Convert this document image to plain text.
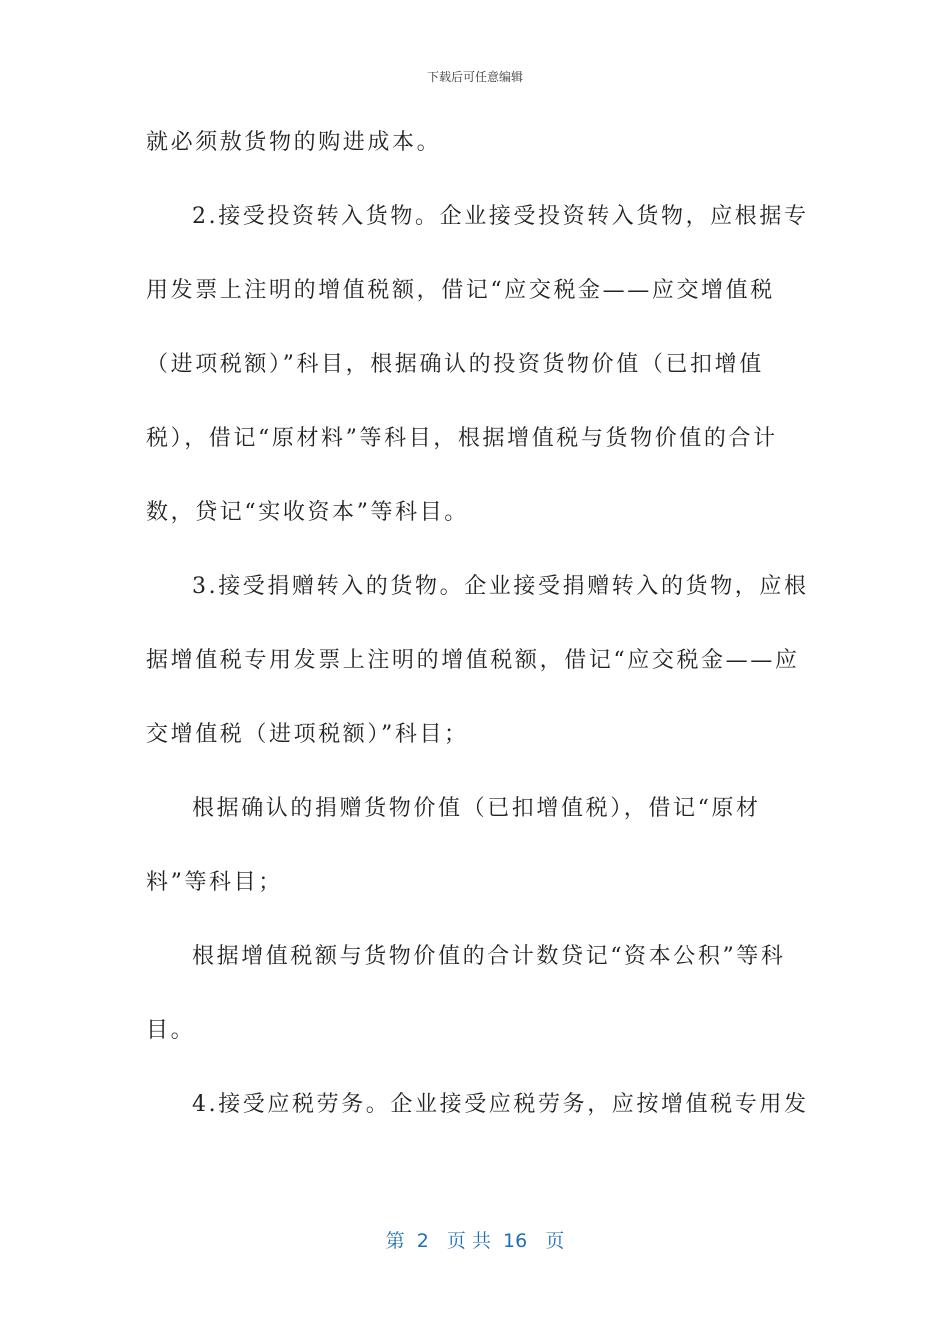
下载后可任意编辑
就必须敖货物的购进成本。
2.接受投资转入货物。企业接受投资转入货物，应根据专
用发票上注明的增值税额，借记“应交税金——应交增值税
（进项税额）”科目，根据确认的投资货物价值（已扣增值
税），借记“原材料”等科目，根据增值税与货物价值的合计
数，贷记“实收资本”等科目。
3.接受捐赠转入的货物。企业接受捐赠转入的货物，应根
据增值税专用发票上注明的增值税额，借记“应交税金——应
交增值税（进项税额）”科目；
根据确认的捐赠货物价值（已扣增值税），借记“原材
料”等科目；
根据增值税额与货物价值的合计数贷记“资本公积”等科
目。
4.接受应税劳务。企业接受应税劳务，应按增值税专用发
第  2   页 共  16   页
